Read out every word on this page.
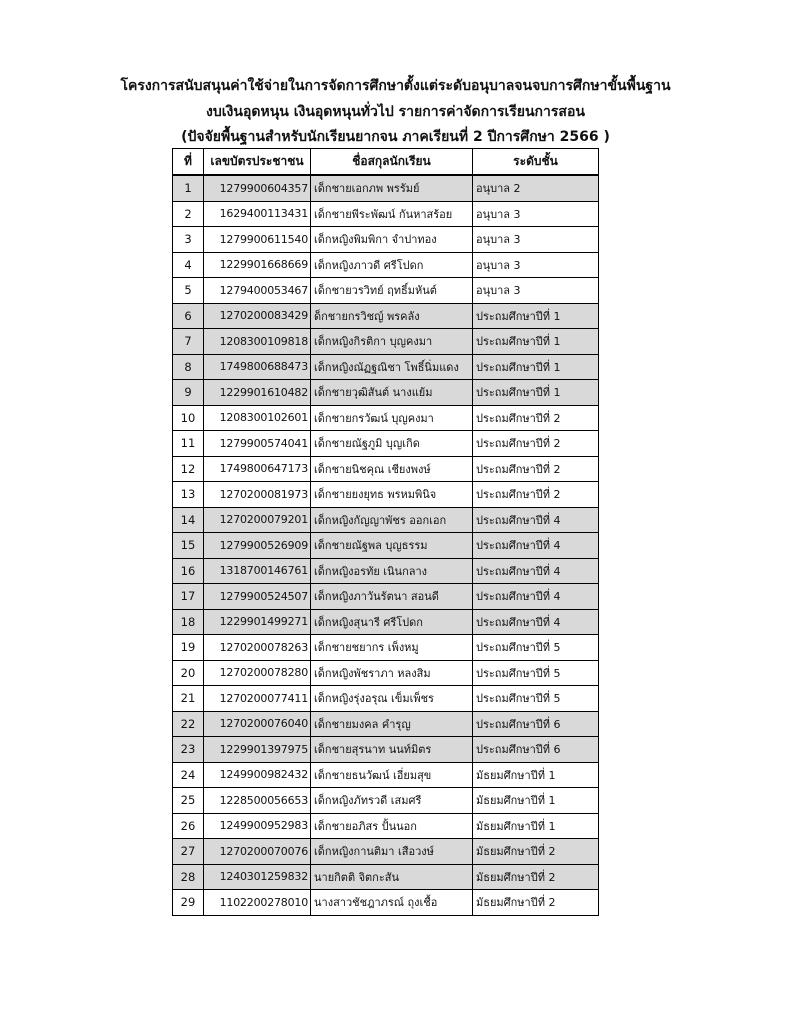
โครงการสนับสนุนค่าใช้จ่ายในการจัดการศึกษาตั้งแต่ระดับอนุบาลจนจบการศึกษาขั้นพื้นฐาน
งบเงินอุดหนุน เงินอุดหนุนทั่วไป รายการค่าจัดการเรียนการสอน
(ปัจจัยพื้นฐานสำหรับนักเรียนยากจน ภาคเรียนที่ 2 ปีการศึกษา 2566 )
ที่	เลขบัตรประชาชน	ชื่อสกุลนักเรียน	ระดับชั้น
1	1279900604357	เด็กชายเอกภพ พรรัมย์	อนุบาล 2
2	1629400113431	เด็กชายพีระพัฒน์ กันหาสร้อย	อนุบาล 3
3	1279900611540	เด็กหญิงพิมพิกา จำปาทอง	อนุบาล 3
4	1229901668669	เด็กหญิงภาวดี ศรีโปดก	อนุบาล 3
5	1279400053467	เด็กชายวรวิทย์ ฤทธิ์มหันต์	อนุบาล 3
6	1270200083429	ด็กชายกรวิชญ์ พรคลัง	ประถมศึกษาปีที่ 1
7	1208300109818	เด็กหญิงกิรติกา บุญคงมา	ประถมศึกษาปีที่ 1
8	1749800688473	เด็กหญิงณัฏฐณิชา โพธิ์นิ่มแดง	ประถมศึกษาปีที่ 1
9	1229901610482	เด็กชายวุฒิสันต์ นางแย้ม	ประถมศึกษาปีที่ 1
10	1208300102601	เด็กชายกรวัฒน์ บุญคงมา	ประถมศึกษาปีที่ 2
11	1279900574041	เด็กชายณัฐภูมิ บุญเกิด	ประถมศึกษาปีที่ 2
12	1749800647173	เด็กชายนิชคุณ เชียงพงษ์	ประถมศึกษาปีที่ 2
13	1270200081973	เด็กชายยงยุทธ พรหมพินิจ	ประถมศึกษาปีที่ 2
14	1270200079201	เด็กหญิงกัญญาพัชร ออกเอก	ประถมศึกษาปีที่ 4
15	1279900526909	เด็กชายณัฐพล บุญธรรม	ประถมศึกษาปีที่ 4
16	1318700146761	เด็กหญิงอรทัย เนินกลาง	ประถมศึกษาปีที่ 4
17	1279900524507	เด็กหญิงภาวันรัตนา สอนดี	ประถมศึกษาปีที่ 4
18	1229901499271	เด็กหญิงสุนารี ศรีโปดก	ประถมศึกษาปีที่ 4
19	1270200078263	เด็กชายชยากร เพ็งหมู	ประถมศึกษาปีที่ 5
20	1270200078280	เด็กหญิงพัชราภา หลงสิม	ประถมศึกษาปีที่ 5
21	1270200077411	เด็กหญิงรุ่งอรุณ เข็มเพ็ชร	ประถมศึกษาปีที่ 5
22	1270200076040	เด็กชายมงคล คำรุญ	ประถมศึกษาปีที่ 6
23	1229901397975	เด็กชายสุรนาท นนท์มิตร	ประถมศึกษาปีที่ 6
24	1249900982432	เด็กชายธนวัฒน์ เอี่ยมสุข	มัธยมศึกษาปีที่ 1
25	1228500056653	เด็กหญิงภัทรวดี เสมศรี	มัธยมศึกษาปีที่ 1
26	1249900952983	เด็กชายอภิสร ปั้นนอก	มัธยมศึกษาปีที่ 1
27	1270200070076	เด็กหญิงกานติมา เสือวงษ์	มัธยมศึกษาปีที่ 2
28	1240301259832	นายกิตติ จิตกะสัน	มัธยมศึกษาปีที่ 2
29	1102200278010	นางสาวชัชฎาภรณ์ ถุงเชื้อ	มัธยมศึกษาปีที่ 2
